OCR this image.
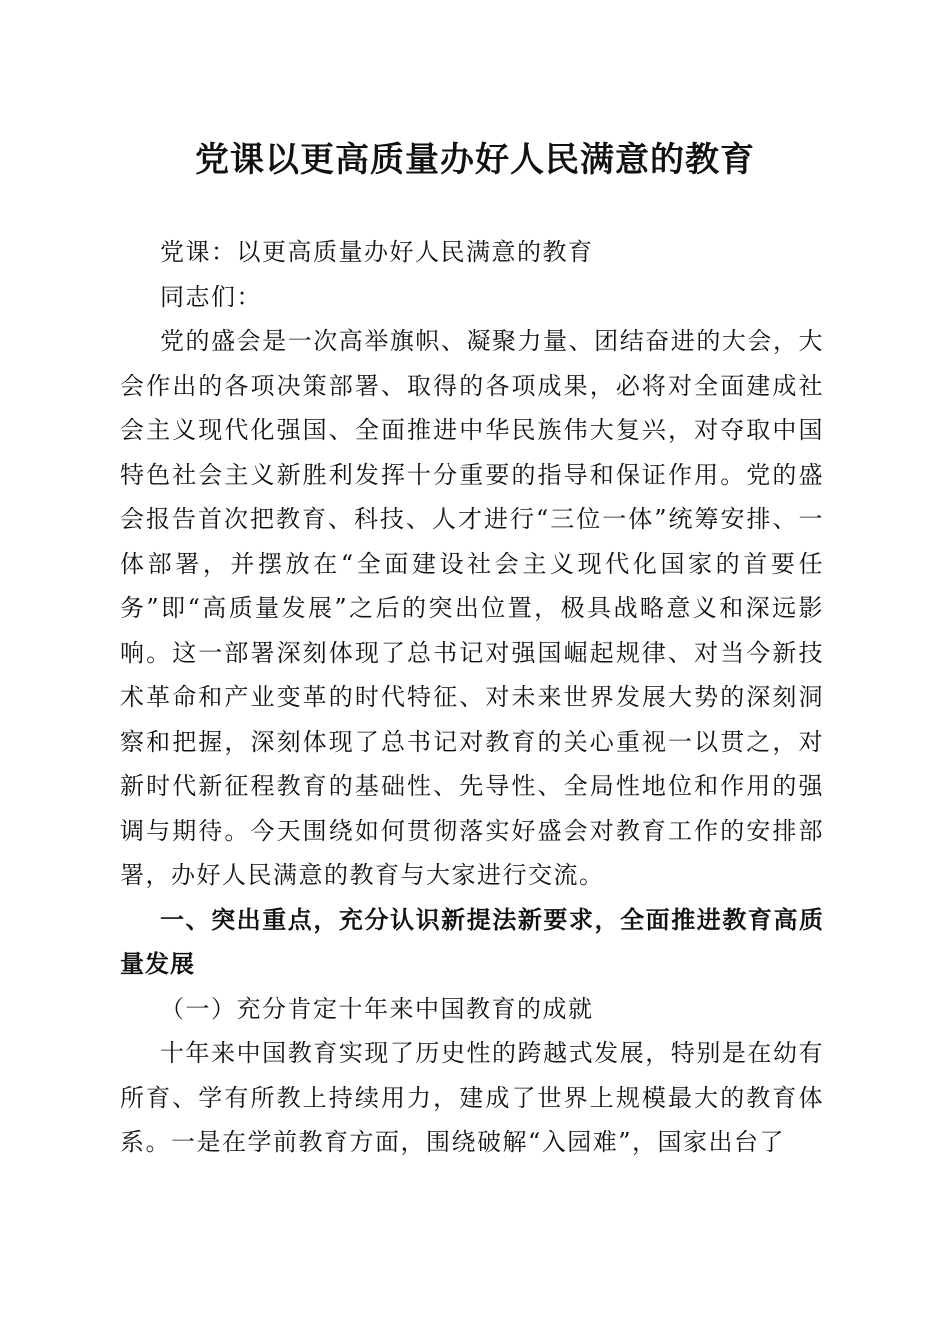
党课以更高质量办好人民满意的教育

党课：以更高质量办好人民满意的教育

同志们：

党的盛会是一次高举旗帜、凝聚力量、团结奋进的大会，大会作出的各项决策部署、取得的各项成果，必将对全面建成社会主义现代化强国、全面推进中华民族伟大复兴，对夺取中国特色社会主义新胜利发挥十分重要的指导和保证作用。党的盛会报告首次把教育、科技、人才进行“三位一体”统筹安排、一体部署，并摆放在“全面建设社会主义现代化国家的首要任务”即“高质量发展”之后的突出位置，极具战略意义和深远影响。这一部署深刻体现了总书记对强国崛起规律、对当今新技术革命和产业变革的时代特征、对未来世界发展大势的深刻洞察和把握，深刻体现了总书记对教育的关心重视一以贯之，对新时代新征程教育的基础性、先导性、全局性地位和作用的强调与期待。今天围绕如何贯彻落实好盛会对教育工作的安排部署，办好人民满意的教育与大家进行交流。

一、突出重点，充分认识新提法新要求，全面推进教育高质量发展

（一）充分肯定十年来中国教育的成就

十年来中国教育实现了历史性的跨越式发展，特别是在幼有所育、学有所教上持续用力，建成了世界上规模最大的教育体系。一是在学前教育方面，围绕破解“入园难”，国家出台了
